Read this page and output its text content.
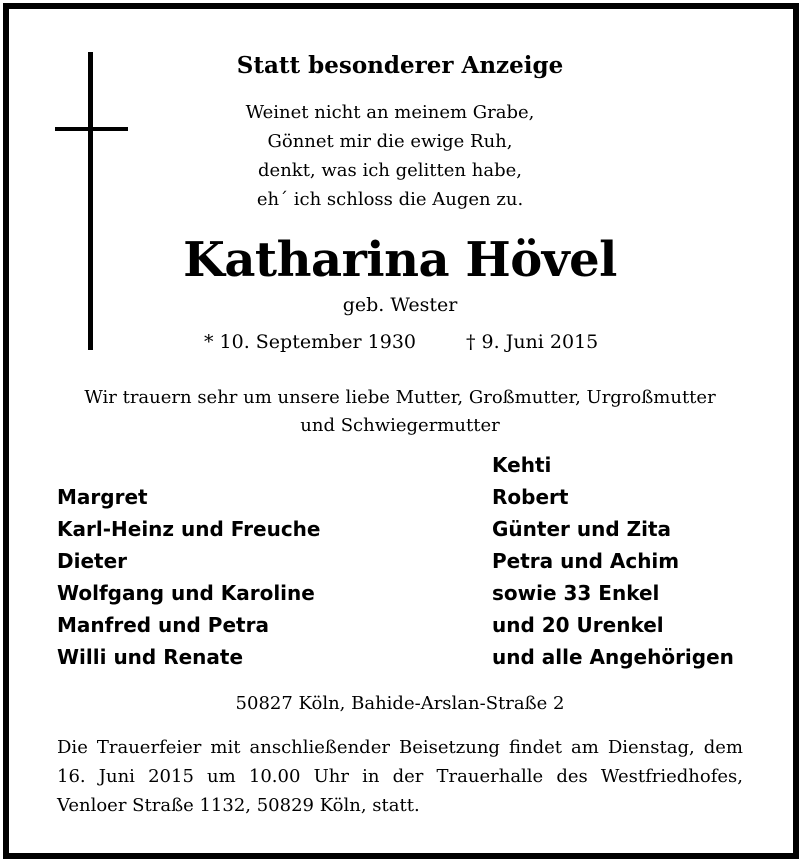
Statt besonderer Anzeige
Weinet nicht an meinem Grabe,
Gönnet mir die ewige Ruh,
denkt, was ich gelitten habe,
eh´ ich schloss die Augen zu.
Katharina Hövel
geb. Wester
* 10. September 1930	† 9. Juni 2015
Wir trauern sehr um unsere liebe Mutter, Großmutter, Urgroßmutter
und Schwiegermutter
Margret
Karl-Heinz und Freuche
Dieter
Wolfgang und Karoline
Manfred und Petra
Willi und Renate
Kehti
Robert
Günter und Zita
Petra und Achim
sowie 33 Enkel
und 20 Urenkel
und alle Angehörigen
50827 Köln, Bahide-Arslan-Straße 2
Die Trauerfeier mit anschließender Beisetzung findet am Dienstag, dem
16. Juni 2015 um 10.00 Uhr in der Trauerhalle des Westfriedhofes,
Venloer Straße 1132, 50829 Köln, statt.
